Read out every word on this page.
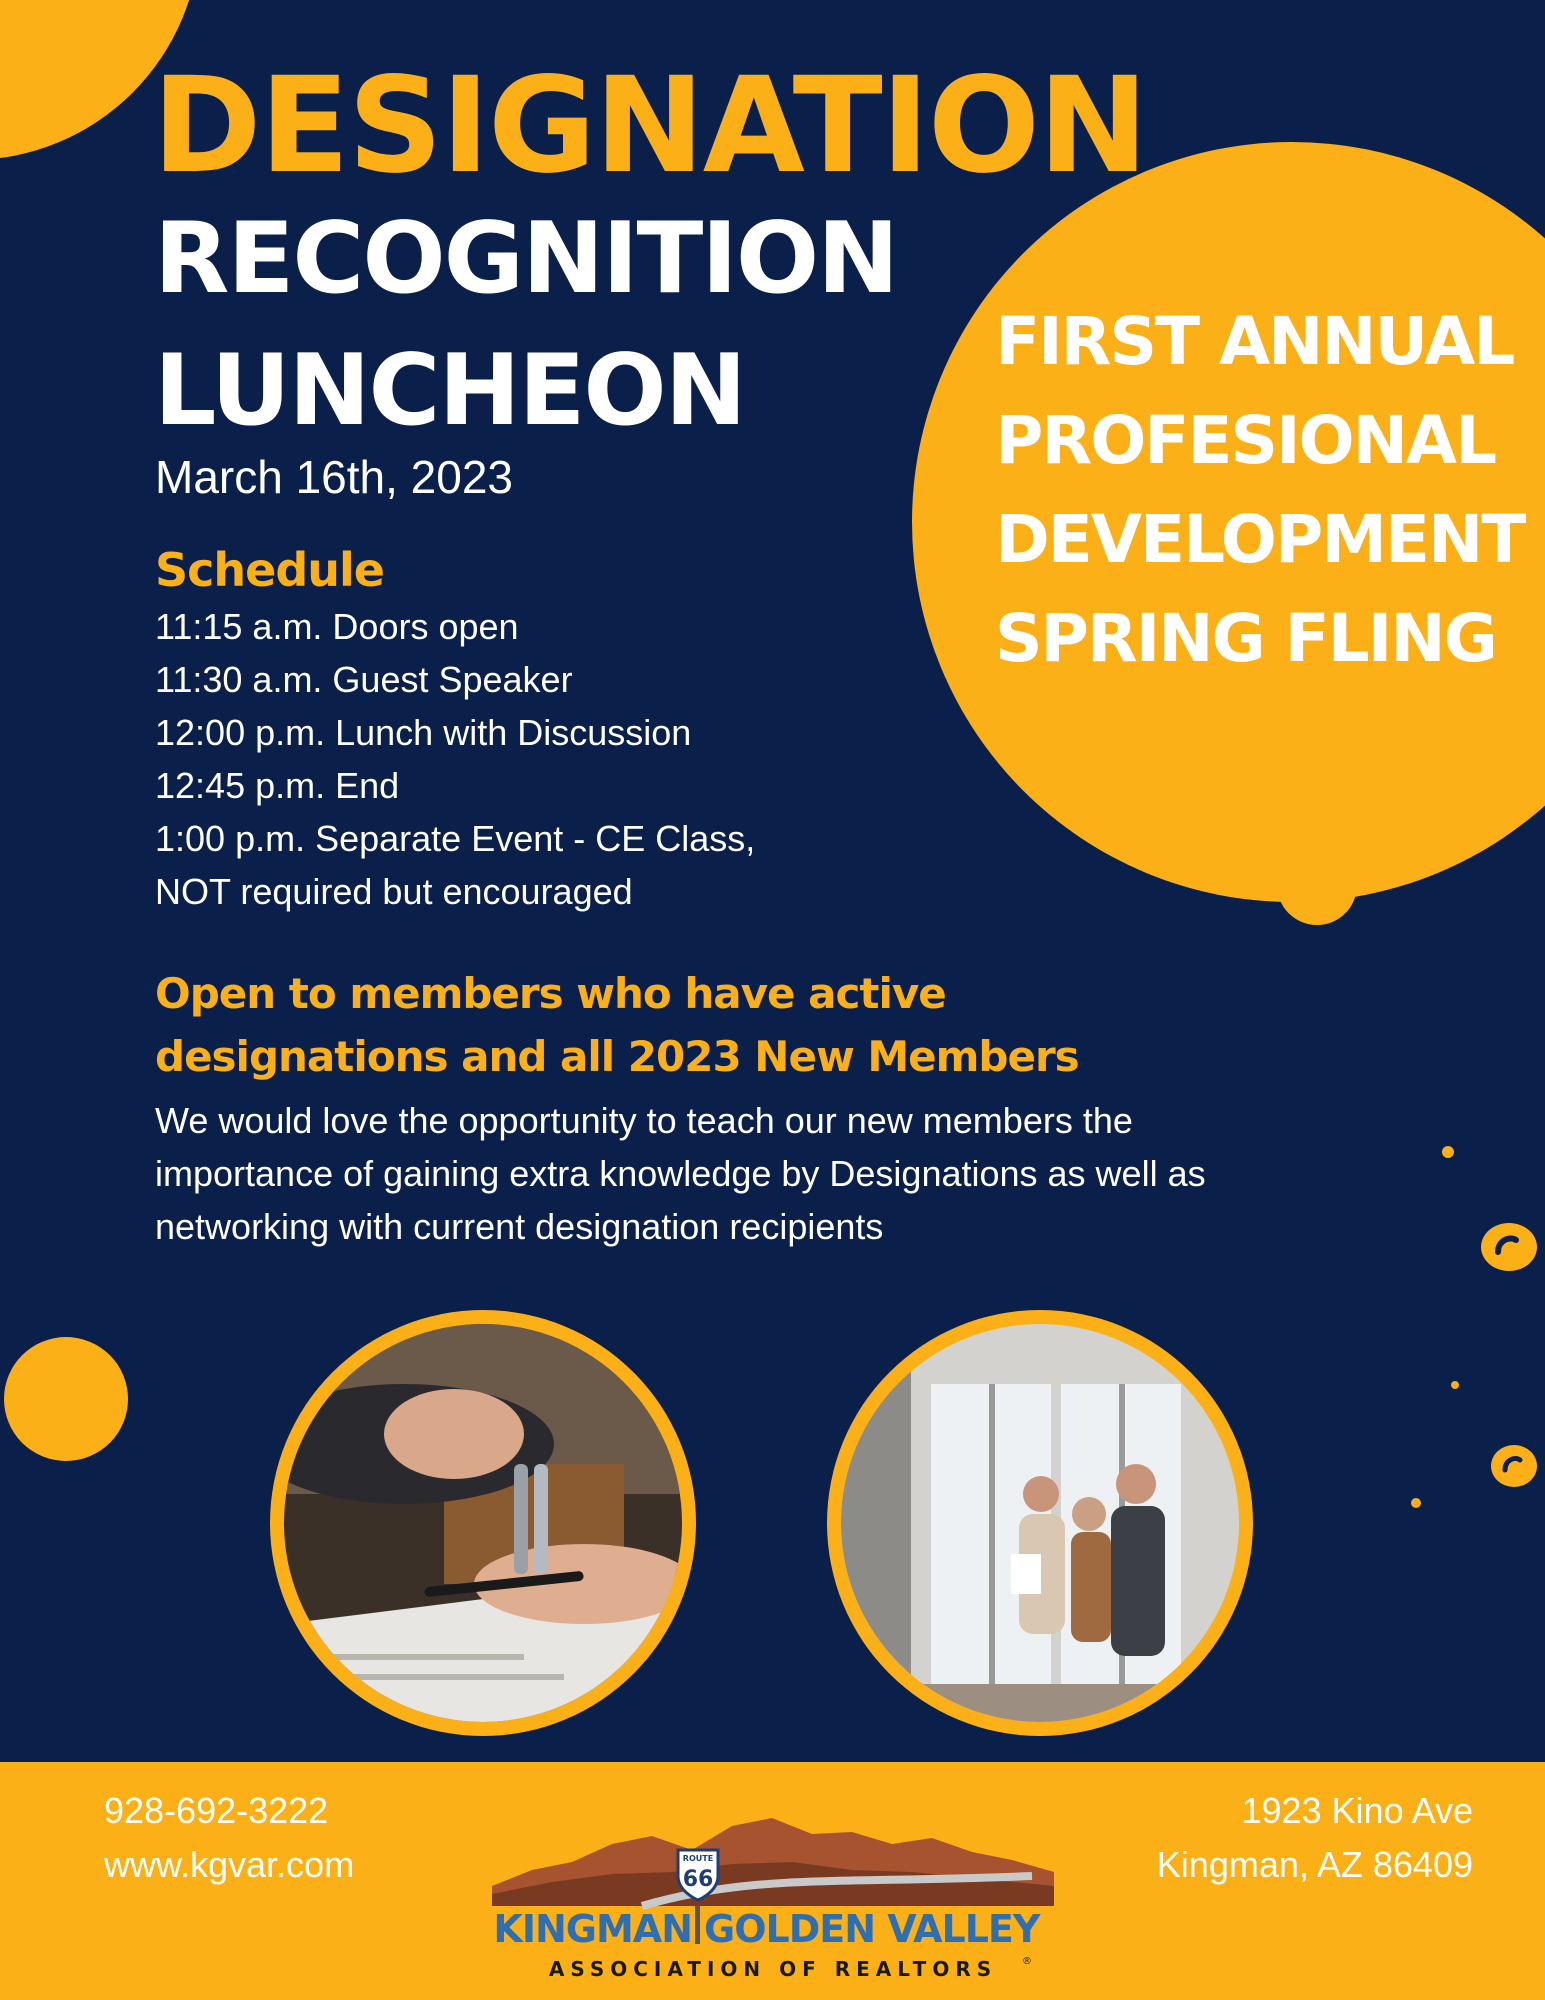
DESIGNATION
RECOGNITION
LUNCHEON
March 16th, 2023
FIRST ANNUAL
PROFESIONAL
DEVELOPMENT
SPRING FLING
Schedule
11:15 a.m. Doors open
11:30 a.m. Guest Speaker
12:00 p.m. Lunch with Discussion
12:45 p.m. End
1:00 p.m. Separate Event - CE Class,
NOT required but encouraged
Open to members who have active
designations and all 2023 New Members
We would love the opportunity to teach our new members the
importance of gaining extra knowledge by Designations as well as
networking with current designation recipients
928-692-3222
www.kgvar.com
1923 Kino Ave
Kingman, AZ 86409
ROUTE
66
KINGMAN GOLDEN VALLEY
ASSOCIATION OF REALTORS ®
